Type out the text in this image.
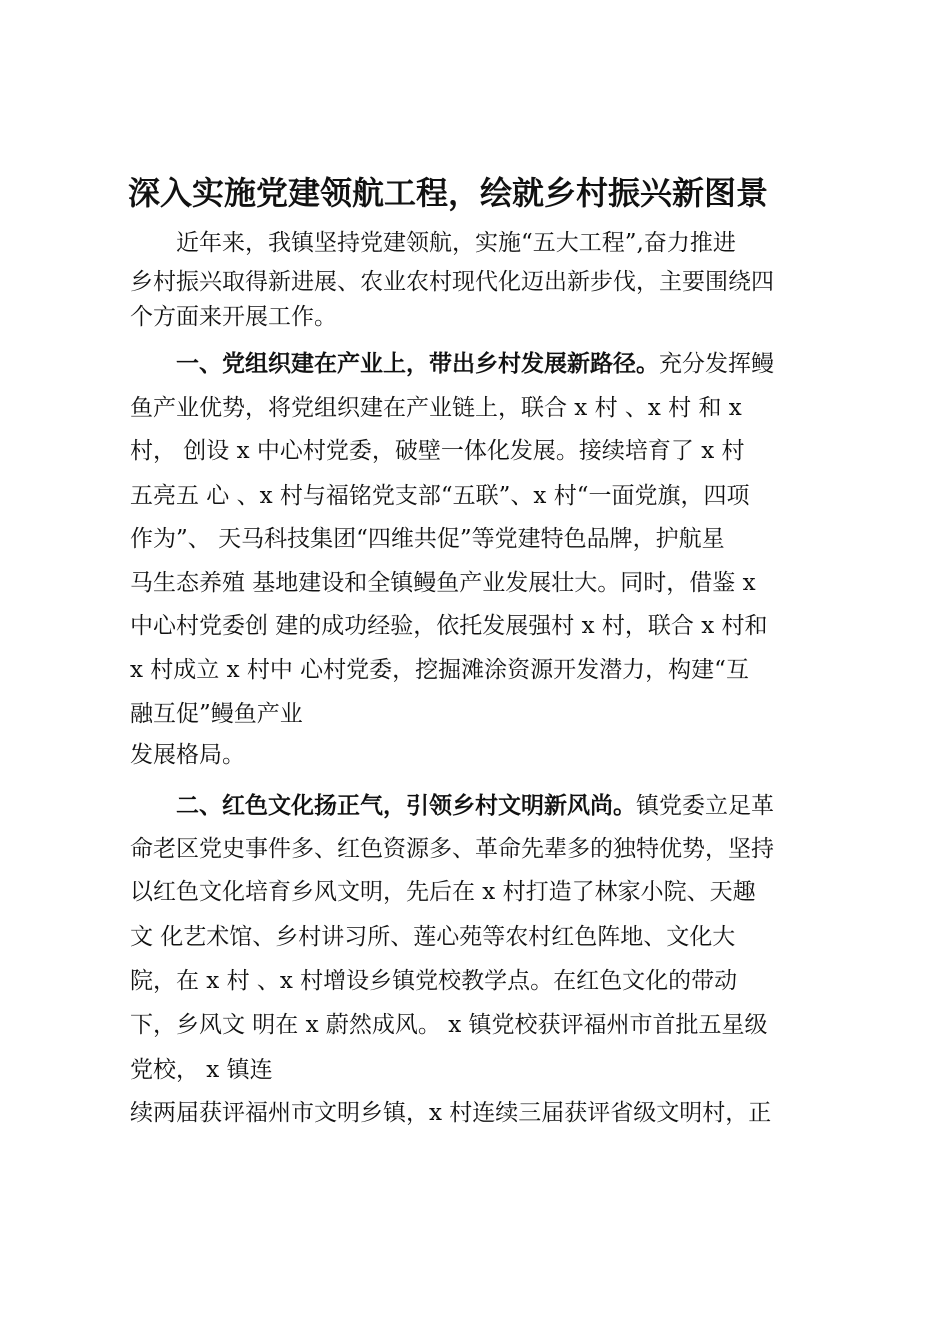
深入实施党建领航工程，绘就乡村振兴新图景
近年来，我镇坚持党建领航，实施“五大工程”,奋力推进
乡村振兴取得新进展、农业农村现代化迈出新步伐，主要围绕四
个方面来开展工作。
一、党组织建在产业上，带出乡村发展新路径。充分发挥鳗
鱼产业优势，将党组织建在产业链上，联合 x 村 、x 村 和 x
村， 创设 x 中心村党委，破壁一体化发展。接续培育了 x 村
五亮五 心 、x 村与福铭党支部“五联”、x 村“一面党旗，四项
作为”、 天马科技集团“四维共促”等党建特色品牌，护航星
马生态养殖 基地建设和全镇鳗鱼产业发展壮大。同时，借鉴 x
中心村党委创 建的成功经验，依托发展强村 x 村，联合 x 村和
x 村成立 x 村中 心村党委，挖掘滩涂资源开发潜力，构建“互
融互促”鳗鱼产业
发展格局。
二、红色文化扬正气，引领乡村文明新风尚。镇党委立足革
命老区党史事件多、红色资源多、革命先辈多的独特优势，坚持
以红色文化培育乡风文明，先后在 x 村打造了林家小院、天趣
文 化艺术馆、乡村讲习所、莲心苑等农村红色阵地、文化大
院，在 x 村 、x 村增设乡镇党校教学点。在红色文化的带动
下，乡风文 明在 x 蔚然成风。 x 镇党校获评福州市首批五星级
党校， x 镇连
续两届获评福州市文明乡镇，x 村连续三届获评省级文明村，正
